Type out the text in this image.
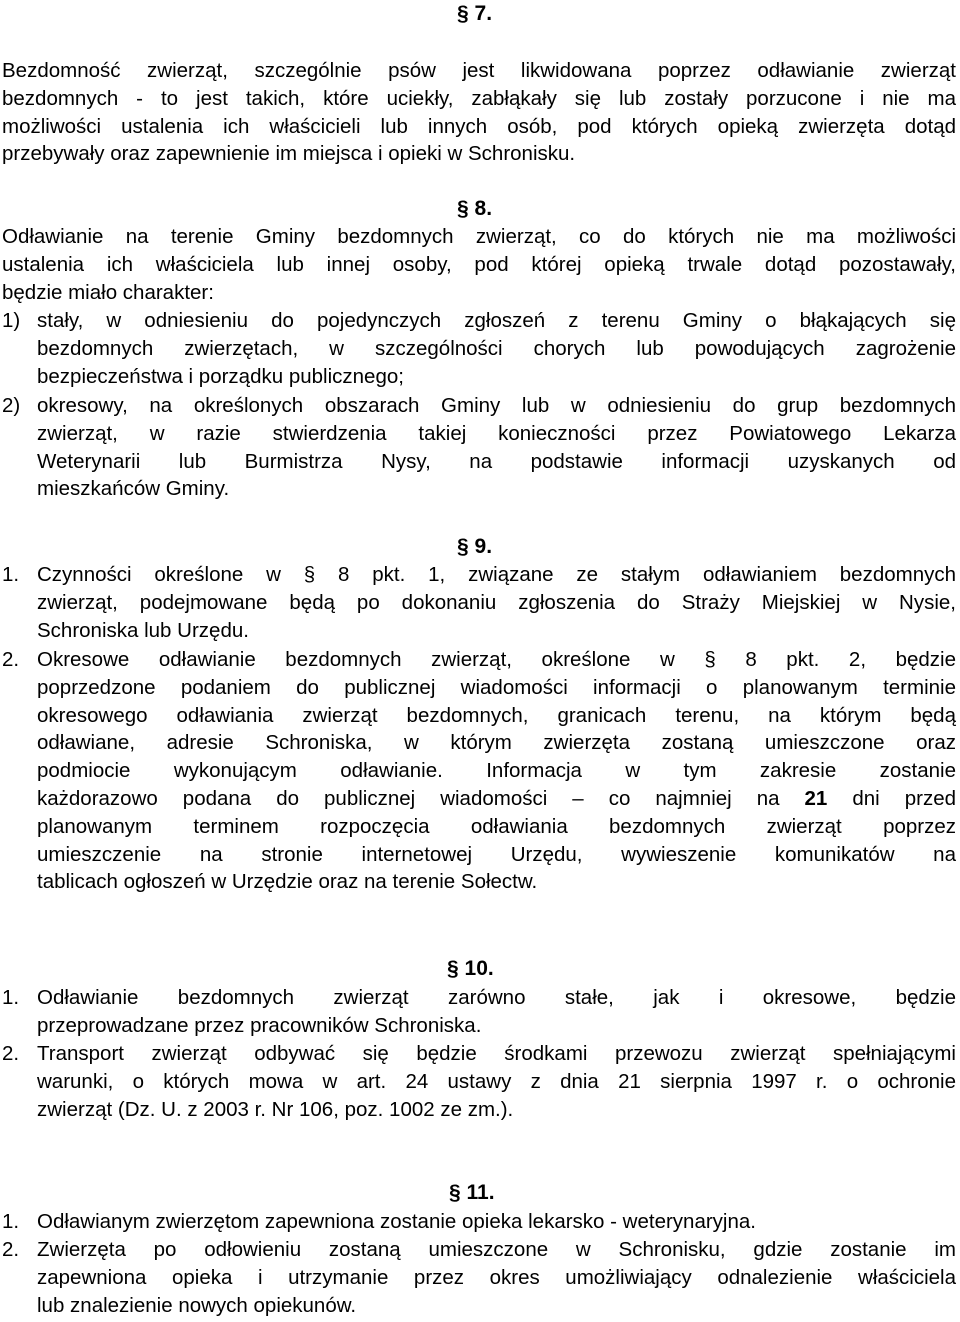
§ 7.
Bezdomność zwierząt, szczególnie psów jest likwidowana poprzez odławianie zwierząt
bezdomnych - to jest takich, które uciekły, zabłąkały się lub zostały porzucone i nie ma
możliwości ustalenia ich właścicieli lub innych osób, pod których opieką zwierzęta dotąd
przebywały oraz zapewnienie im miejsca i opieki w Schronisku.
§ 8.
Odławianie na terenie Gminy bezdomnych zwierząt, co do których nie ma możliwości
ustalenia ich właściciela lub innej osoby, pod której opieką trwale dotąd pozostawały,
będzie miało charakter:
1) stały, w odniesieniu do pojedynczych zgłoszeń z terenu Gminy o błąkających się
bezdomnych zwierzętach, w szczególności chorych lub powodujących zagrożenie
bezpieczeństwa i porządku publicznego;
2) okresowy, na określonych obszarach Gminy lub w odniesieniu do grup bezdomnych
zwierząt, w razie stwierdzenia takiej konieczności przez Powiatowego Lekarza
Weterynarii lub Burmistrza Nysy, na podstawie informacji uzyskanych od
mieszkańców Gminy.
§ 9.
1. Czynności określone w § 8 pkt. 1, związane ze stałym odławianiem bezdomnych
zwierząt, podejmowane będą po dokonaniu zgłoszenia do Straży Miejskiej w Nysie,
Schroniska lub Urzędu.
2. Okresowe odławianie bezdomnych zwierząt, określone w § 8 pkt. 2, będzie
poprzedzone podaniem do publicznej wiadomości informacji o planowanym terminie
okresowego odławiania zwierząt bezdomnych, granicach terenu, na którym będą
odławiane, adresie Schroniska, w którym zwierzęta zostaną umieszczone oraz
podmiocie wykonującym odławianie. Informacja w tym zakresie zostanie
każdorazowo podana do publicznej wiadomości – co najmniej na 21 dni przed
planowanym terminem rozpoczęcia odławiania bezdomnych zwierząt poprzez
umieszczenie na stronie internetowej Urzędu, wywieszenie komunikatów na
tablicach ogłoszeń w Urzędzie oraz na terenie Sołectw.
§ 10.
1. Odławianie bezdomnych zwierząt zarówno stałe, jak i okresowe, będzie
przeprowadzane przez pracowników Schroniska.
2. Transport zwierząt odbywać się będzie środkami przewozu zwierząt spełniającymi
warunki, o których mowa w art. 24 ustawy z dnia 21 sierpnia 1997 r. o ochronie
zwierząt (Dz. U. z 2003 r. Nr 106, poz. 1002 ze zm.).
§ 11.
1. Odławianym zwierzętom zapewniona zostanie opieka lekarsko - weterynaryjna.
2. Zwierzęta po odłowieniu zostaną umieszczone w Schronisku, gdzie zostanie im
zapewniona opieka i utrzymanie przez okres umożliwiający odnalezienie właściciela
lub znalezienie nowych opiekunów.
